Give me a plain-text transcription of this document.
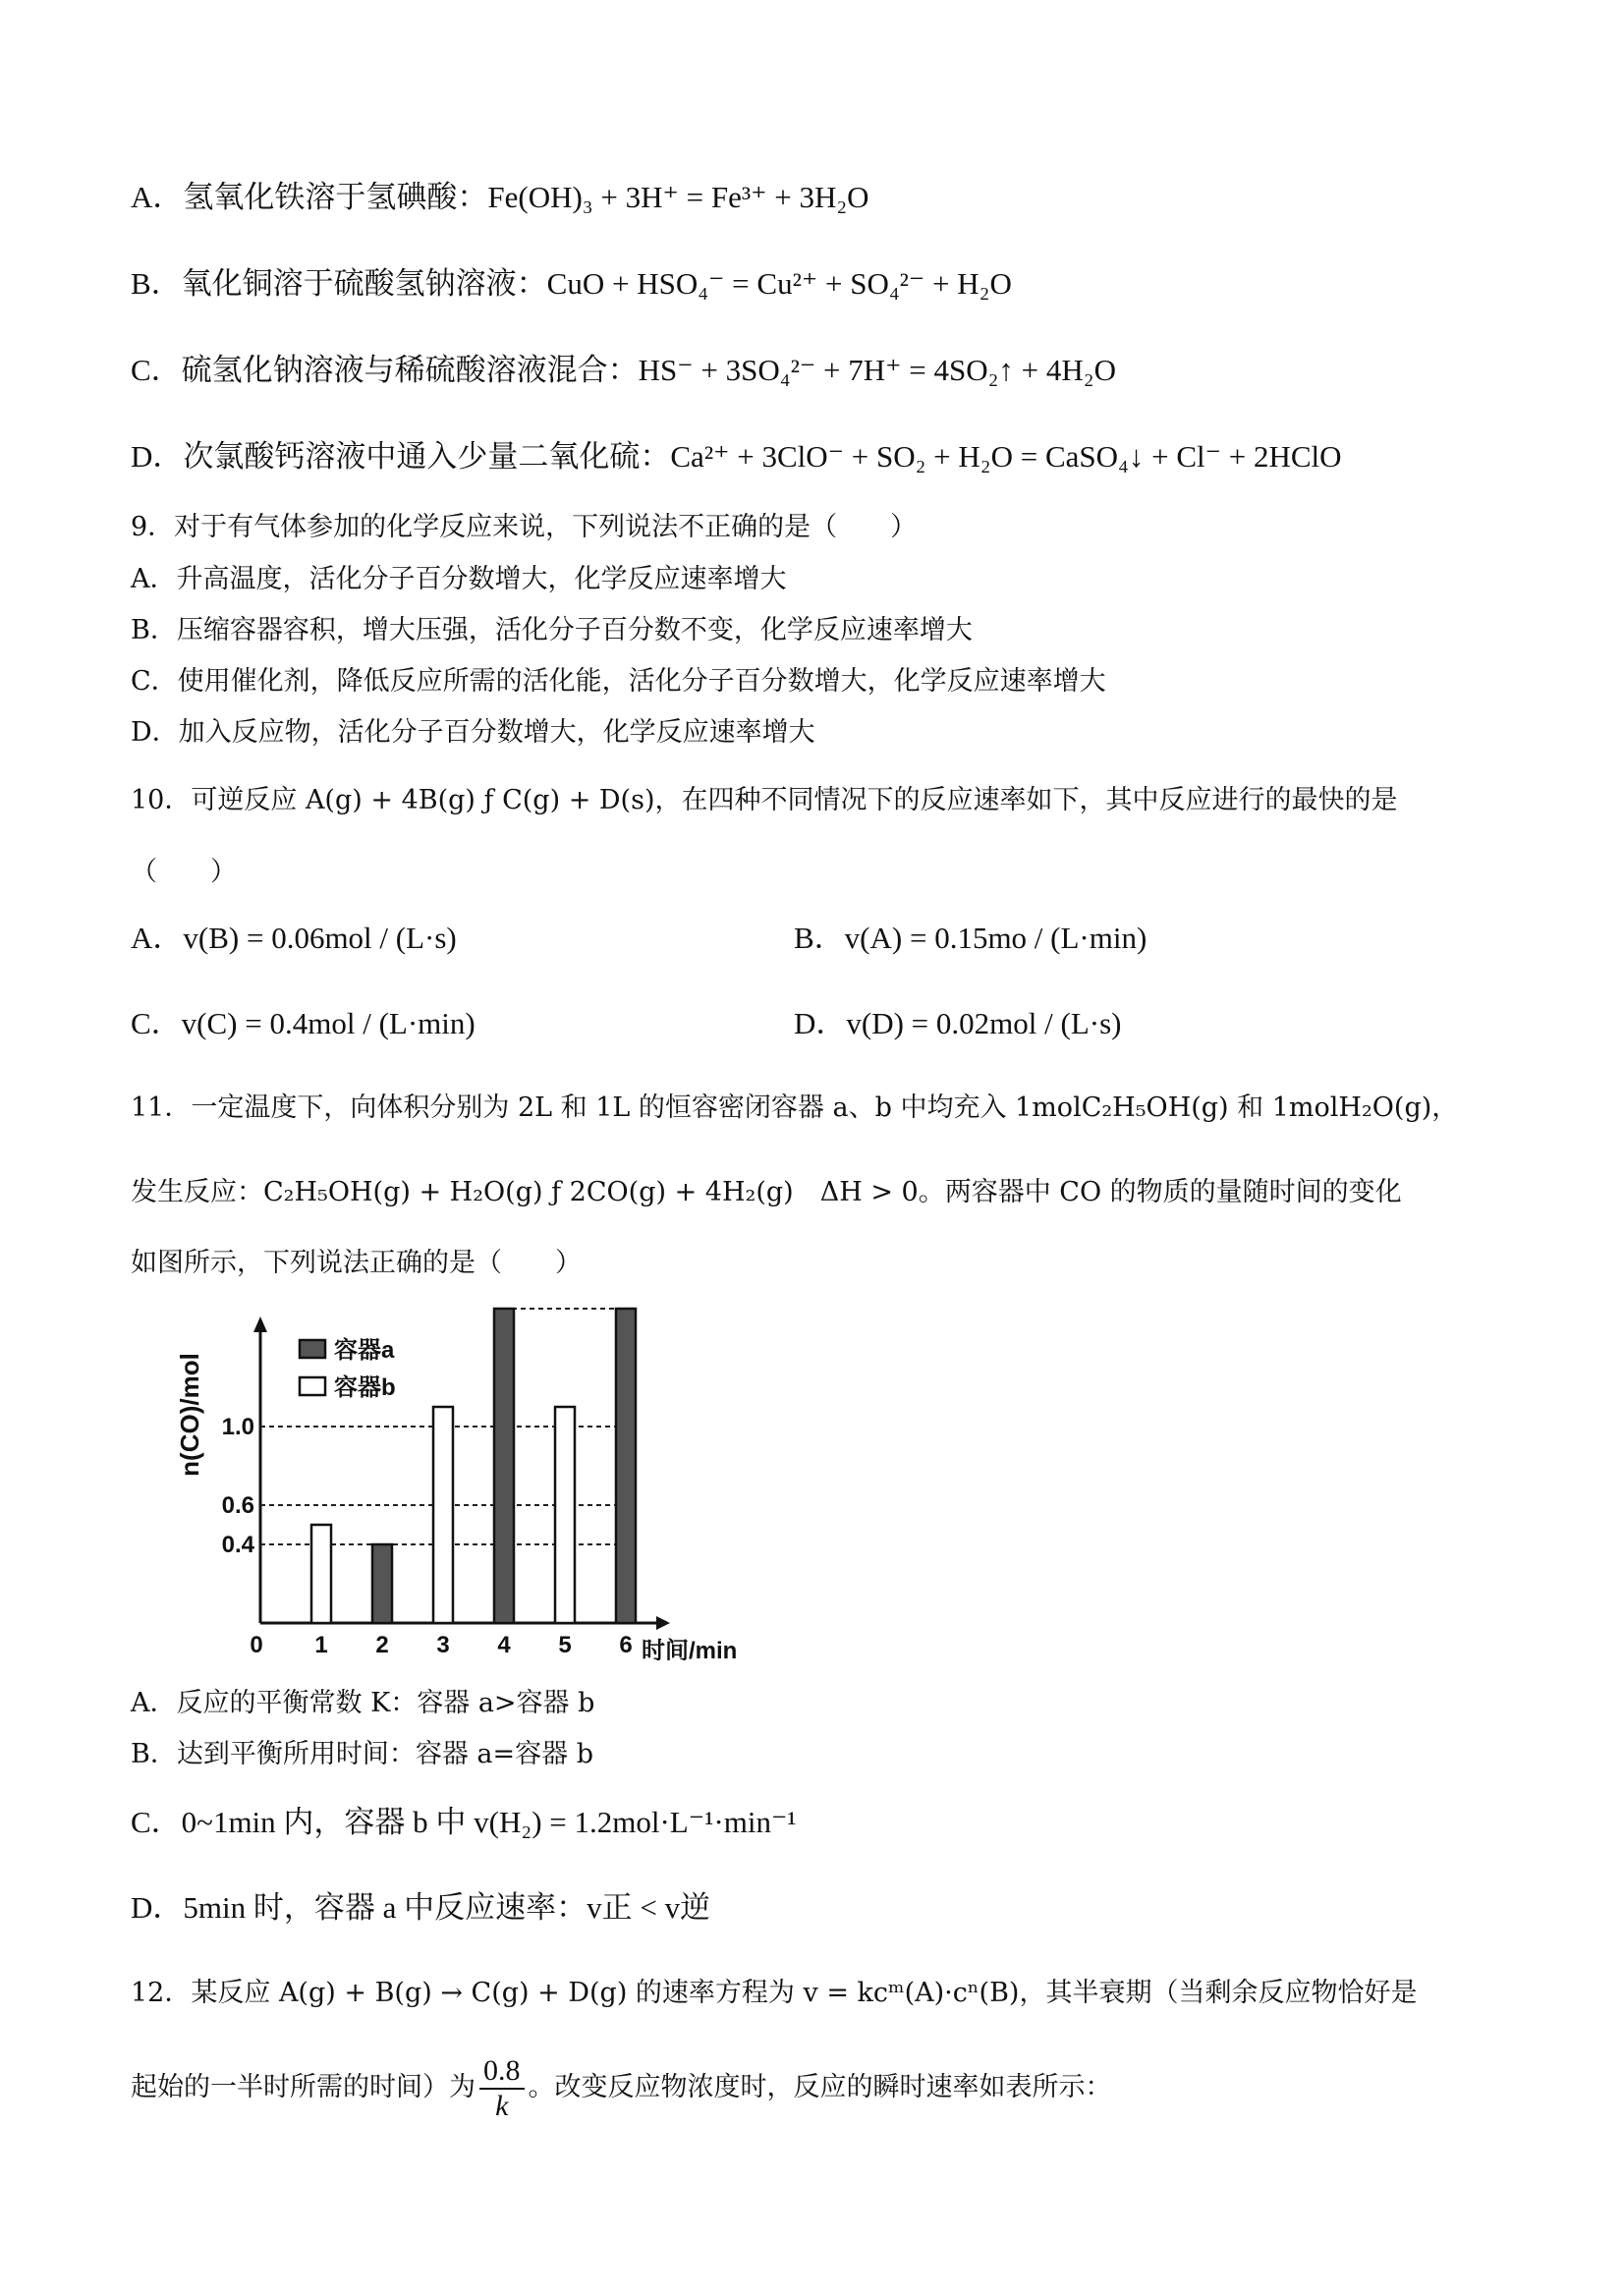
A．氢氧化铁溶于氢碘酸：Fe(OH)₃ + 3H⁺ = Fe³⁺ + 3H₂O
B．氧化铜溶于硫酸氢钠溶液：CuO + HSO₄⁻ = Cu²⁺ + SO₄²⁻ + H₂O
C．硫氢化钠溶液与稀硫酸溶液混合：HS⁻ + 3SO₄²⁻ + 7H⁺ = 4SO₂↑ + 4H₂O
D．次氯酸钙溶液中通入少量二氧化硫：Ca²⁺ + 3ClO⁻ + SO₂ + H₂O = CaSO₄↓ + Cl⁻ + 2HClO
9．对于有气体参加的化学反应来说，下列说法不正确的是（　　）
A．升高温度，活化分子百分数增大，化学反应速率增大
B．压缩容器容积，增大压强，活化分子百分数不变，化学反应速率增大
C．使用催化剂，降低反应所需的活化能，活化分子百分数增大，化学反应速率增大
D．加入反应物，活化分子百分数增大，化学反应速率增大
10．可逆反应 A(g) + 4B(g) ƒ C(g) + D(s)，在四种不同情况下的反应速率如下，其中反应进行的最快的是
（　　）
A．v(B) = 0.06mol / (L·s)	B．v(A) = 0.15mo / (L·min)
C．v(C) = 0.4mol / (L·min)	D．v(D) = 0.02mol / (L·s)
11．一定温度下，向体积分别为 2L 和 1L 的恒容密闭容器 a、b 中均充入 1molC₂H₅OH(g) 和 1molH₂O(g)，
发生反应：C₂H₅OH(g) + H₂O(g) ƒ 2CO(g) + 4H₂(g)　ΔH > 0。两容器中 CO 的物质的量随时间的变化
如图所示，下列说法正确的是（　　）
0 1 2 3 4 5 6
0.4
0.6
1.0
时间/min
n(CO)/mol
容器a
容器b
A．反应的平衡常数 K：容器 a>容器 b
B．达到平衡所用时间：容器 a=容器 b
C．0~1min 内，容器 b 中 v(H₂) = 1.2mol·L⁻¹·min⁻¹
D．5min 时，容器 a 中反应速率：v正 < v逆
12．某反应 A(g) + B(g) → C(g) + D(g) 的速率方程为 v = kcᵐ(A)·cⁿ(B)，其半衰期（当剩余反应物恰好是
起始的一半时所需的时间）为 $\frac{0.8}{k}$ 。改变反应物浓度时，反应的瞬时速率如表所示：
